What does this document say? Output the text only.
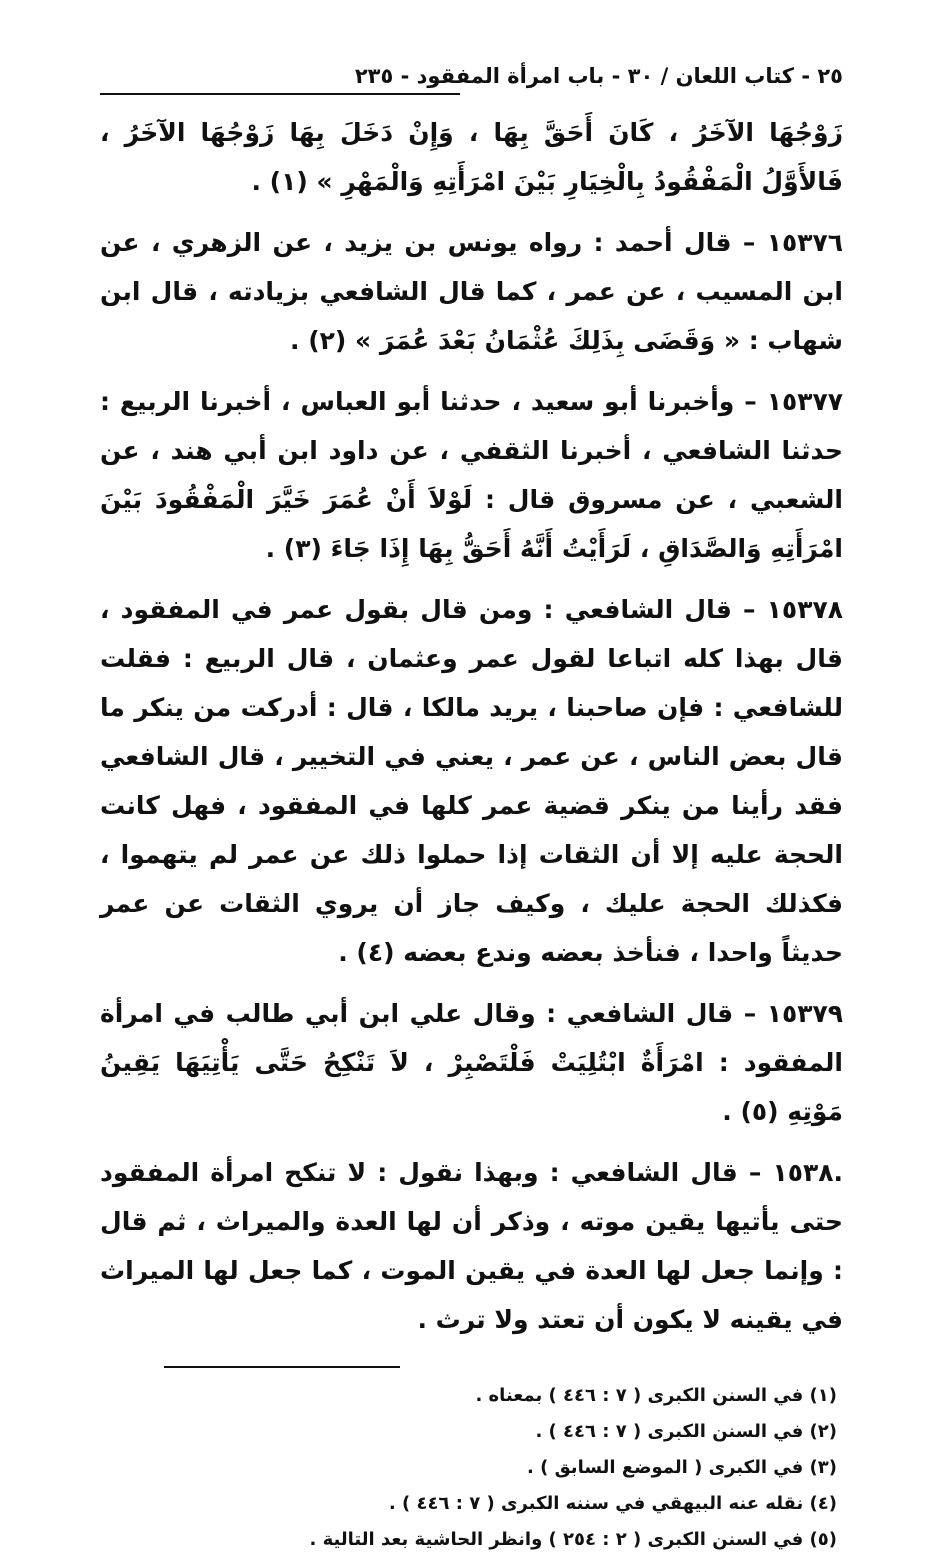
٢٥ - كتاب اللعان / ٣٠ - باب امرأة المفقود - ٢٣٥

زَوْجُهَا الآخَرُ ، كَانَ أَحَقَّ بِهَا ، وَإِنْ دَخَلَ بِهَا زَوْجُهَا الآخَرُ ، فَالأَوَّلُ الْمَفْقُودُ بِالْخِيَارِ بَيْنَ امْرَأَتِهِ وَالْمَهْرِ » (١) .

١٥٣٧٦ – قال أحمد : رواه يونس بن يزيد ، عن الزهري ، عن ابن المسيب ، عن عمر ، كما قال الشافعي بزيادته ، قال ابن شهاب : « وَقَضَى بِذَلِكَ عُثْمَانُ بَعْدَ عُمَرَ » (٢) .

١٥٣٧٧ – وأخبرنا أبو سعيد ، حدثنا أبو العباس ، أخبرنا الربيع : حدثنا الشافعي ، أخبرنا الثقفي ، عن داود ابن أبي هند ، عن الشعبي ، عن مسروق قال : لَوْلاَ أَنْ عُمَرَ خَيَّرَ الْمَفْقُودَ بَيْنَ امْرَأَتِهِ وَالصَّدَاقِ ، لَرَأَيْتُ أَنَّهُ أَحَقُّ بِهَا إِذَا جَاءَ (٣) .

١٥٣٧٨ – قال الشافعي : ومن قال بقول عمر في المفقود ، قال بهذا كله اتباعا لقول عمر وعثمان ، قال الربيع : فقلت للشافعي : فإن صاحبنا ، يريد مالكا ، قال : أدركت من ينكر ما قال بعض الناس ، عن عمر ، يعني في التخيير ، قال الشافعي فقد رأينا من ينكر قضية عمر كلها في المفقود ، فهل كانت الحجة عليه إلا أن الثقات إذا حملوا ذلك عن عمر لم يتهموا ، فكذلك الحجة عليك ، وكيف جاز أن يروي الثقات عن عمر حديثاً واحدا ، فنأخذ بعضه وندع بعضه (٤) .

١٥٣٧٩ – قال الشافعي : وقال علي ابن أبي طالب في امرأة المفقود : امْرَأَةٌ ابْتُلِيَتْ فَلْتَصْبِرْ ، لاَ تَنْكِحُ حَتَّى يَأْتِيَهَا يَقِينُ مَوْتِهِ (٥) .

.١٥٣٨ – قال الشافعي : وبهذا نقول : لا تنكح امرأة المفقود حتى يأتيها يقين موته ، وذكر أن لها العدة والميراث ، ثم قال : وإنما جعل لها العدة في يقين الموت ، كما جعل لها الميراث في يقينه لا يكون أن تعتد ولا ترث .

(١) في السنن الكبرى ( ٧ : ٤٤٦ ) بمعناه .
(٢) في السنن الكبرى ( ٧ : ٤٤٦ ) .
(٣) في الكبرى ( الموضع السابق ) .
(٤) نقله عنه البيهقي في سننه الكبرى ( ٧ : ٤٤٦ ) .
(٥) في السنن الكبرى ( ٢ : ٢٥٤ ) وانظر الحاشية بعد التالية .
